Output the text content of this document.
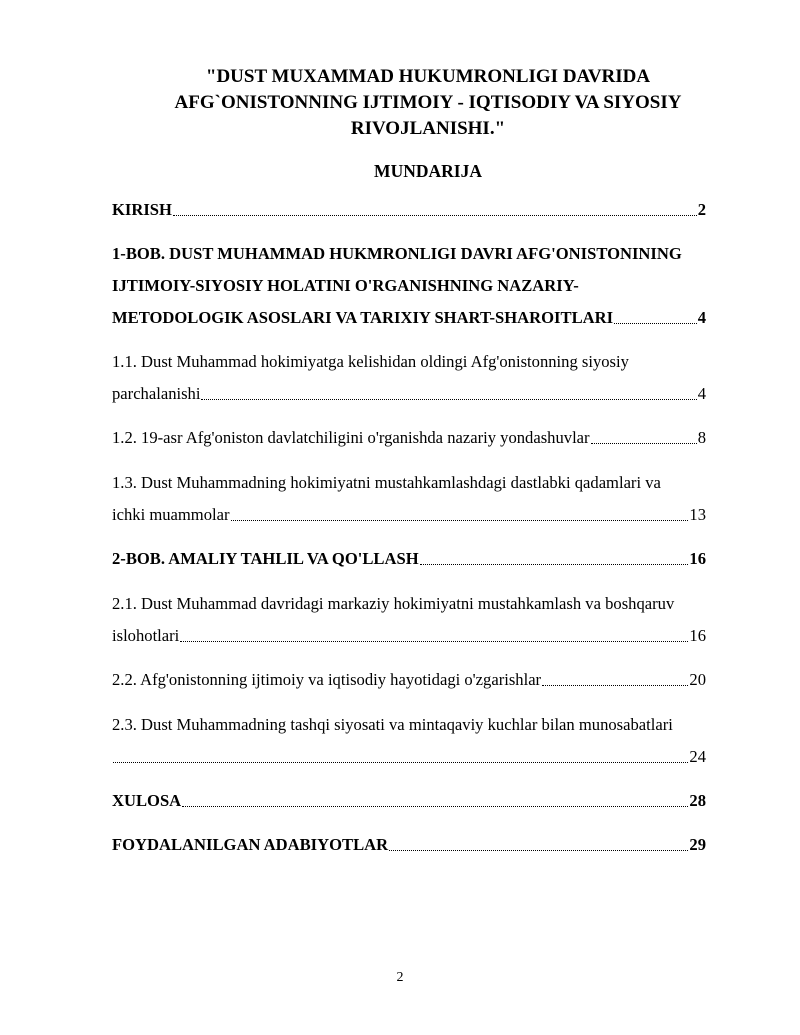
"DUST MUXAMMAD HUKUMRONLIGI DAVRIDA
AFG`ONISTONNING IJTIMOIY - IQTISODIY VA SIYOSIY
RIVOJLANISHI."
MUNDARIJA
KIRISH	2
1-BOB. DUST MUHAMMAD HUKMRONLIGI DAVRI AFG'ONISTONINING
IJTIMOIY-SIYOSIY HOLATINI O'RGANISHNING NAZARIY-
METODOLOGIK ASOSLARI VA TARIXIY SHART-SHAROITLARI	4
1.1. Dust Muhammad hokimiyatga kelishidan oldingi Afg'onistonning siyosiy
parchalanishi	4
1.2. 19-asr Afg'oniston davlatchiligini o'rganishda nazariy yondashuvlar	8
1.3. Dust Muhammadning hokimiyatni mustahkamlashdagi dastlabki qadamlari va
ichki muammolar	13
2-BOB. AMALIY TAHLIL VA QO'LLASH	16
2.1. Dust Muhammad davridagi markaziy hokimiyatni mustahkamlash va boshqaruv
islohotlari	16
2.2. Afg'onistonning ijtimoiy va iqtisodiy hayotidagi o'zgarishlar	20
2.3. Dust Muhammadning tashqi siyosati va mintaqaviy kuchlar bilan munosabatlari
24
XULOSA	28
FOYDALANILGAN ADABIYOTLAR	29
2
